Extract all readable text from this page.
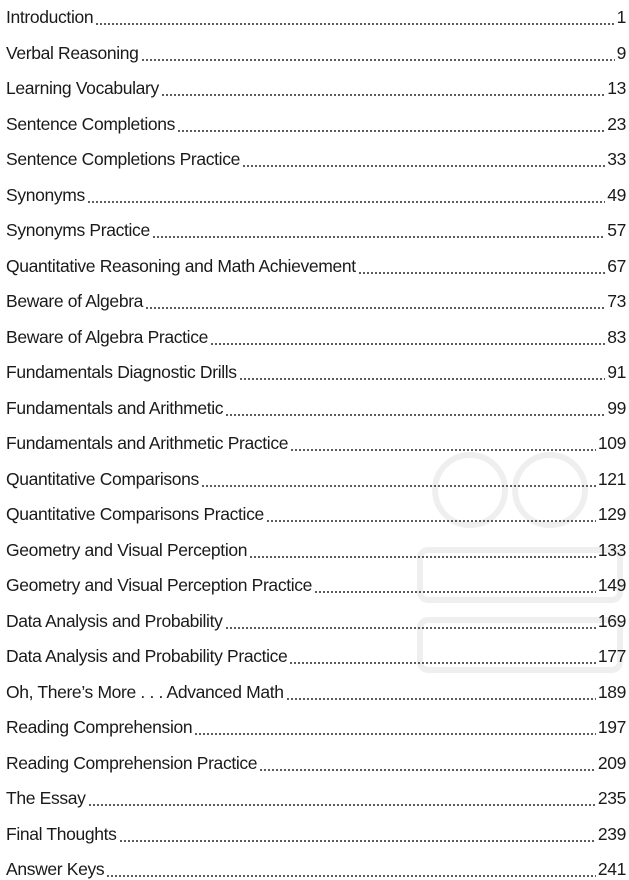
Introduction	1
Verbal Reasoning	9
Learning Vocabulary	13
Sentence Completions	23
Sentence Completions Practice	33
Synonyms	49
Synonyms Practice	57
Quantitative Reasoning and Math Achievement	67
Beware of Algebra	73
Beware of Algebra Practice	83
Fundamentals Diagnostic Drills	91
Fundamentals and Arithmetic	99
Fundamentals and Arithmetic Practice	109
Quantitative Comparisons	121
Quantitative Comparisons Practice	129
Geometry and Visual Perception	133
Geometry and Visual Perception Practice	149
Data Analysis and Probability	169
Data Analysis and Probability Practice	177
Oh, There’s More . . . Advanced Math	189
Reading Comprehension	197
Reading Comprehension Practice	209
The Essay	235
Final Thoughts	239
Answer Keys	241
